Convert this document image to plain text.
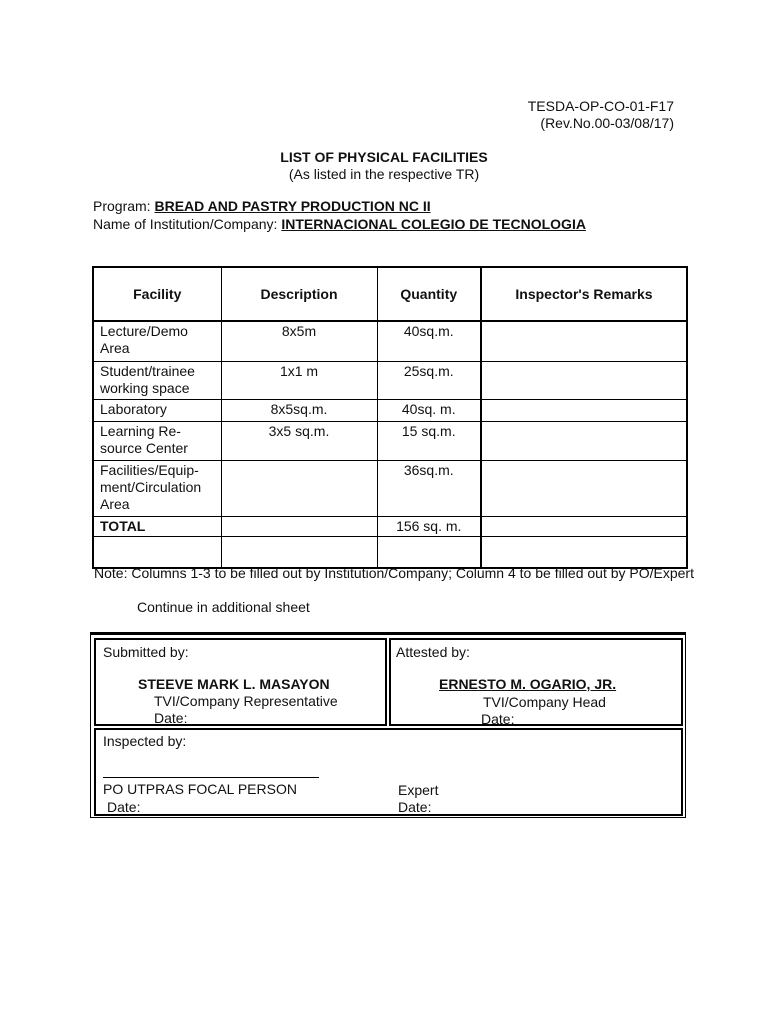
TESDA-OP-CO-01-F17
(Rev.No.00-03/08/17)
LIST OF PHYSICAL FACILITIES
(As listed in the respective TR)
Program: BREAD AND PASTRY PRODUCTION NC II
Name of Institution/Company: INTERNACIONAL COLEGIO DE TECNOLOGIA
Facility	Description	Quantity	Inspector's Remarks
Lecture/Demo Area	8x5m	40sq.m.	
Student/trainee working space	1x1 m	25sq.m.	
Laboratory	8x5sq.m.	40sq. m.	
Learning Re-source Center	3x5 sq.m.	15 sq.m.	
Facilities/Equip-ment/Circulation Area		36sq.m.	
TOTAL		156 sq. m.	

Note: Columns 1-3 to be filled out by Institution/Company; Column 4 to be filled out by PO/Expert
Continue in additional sheet
Submitted by:
STEEVE MARK L. MASAYON
TVI/Company Representative
Date:
Attested by:
ERNESTO M. OGARIO, JR.
TVI/Company Head
Date:
Inspected by:
PO UTPRAS FOCAL PERSON
Date:
Expert
Date:
